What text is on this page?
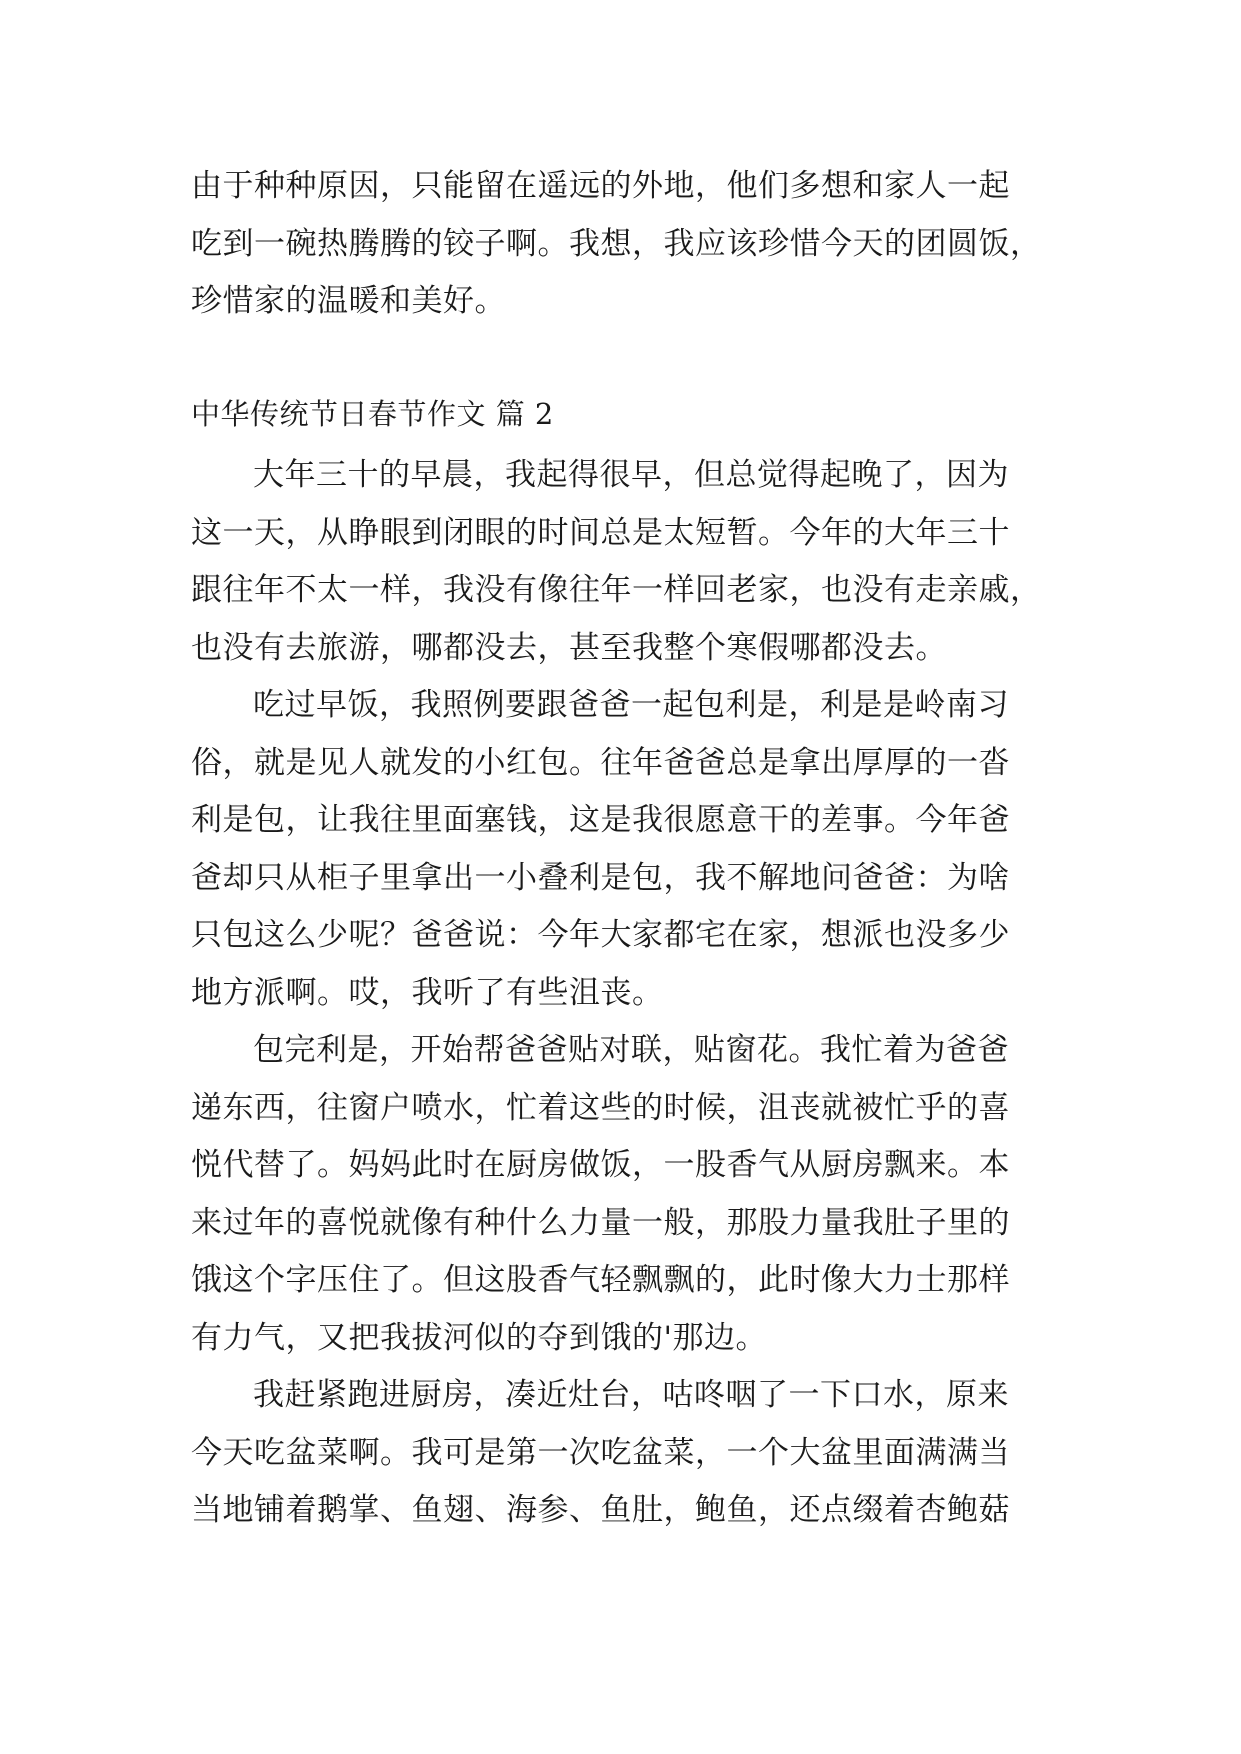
由于种种原因，只能留在遥远的外地，他们多想和家人一起
吃到一碗热腾腾的铰子啊。我想，我应该珍惜今天的团圆饭，
珍惜家的温暖和美好。
中华传统节日春节作文 篇 2
大年三十的早晨，我起得很早，但总觉得起晚了，因为
这一天，从睁眼到闭眼的时间总是太短暂。今年的大年三十
跟往年不太一样，我没有像往年一样回老家，也没有走亲戚，
也没有去旅游，哪都没去，甚至我整个寒假哪都没去。
吃过早饭，我照例要跟爸爸一起包利是，利是是岭南习
俗，就是见人就发的小红包。往年爸爸总是拿出厚厚的一沓
利是包，让我往里面塞钱，这是我很愿意干的差事。今年爸
爸却只从柜子里拿出一小叠利是包，我不解地问爸爸：为啥
只包这么少呢？爸爸说：今年大家都宅在家，想派也没多少
地方派啊。哎，我听了有些沮丧。
包完利是，开始帮爸爸贴对联，贴窗花。我忙着为爸爸
递东西，往窗户喷水，忙着这些的时候，沮丧就被忙乎的喜
悦代替了。妈妈此时在厨房做饭，一股香气从厨房飘来。本
来过年的喜悦就像有种什么力量一般，那股力量我肚子里的
饿这个字压住了。但这股香气轻飘飘的，此时像大力士那样
有力气，又把我拔河似的夺到饿的'那边。
我赶紧跑进厨房，凑近灶台，咕咚咽了一下口水，原来
今天吃盆菜啊。我可是第一次吃盆菜，一个大盆里面满满当
当地铺着鹅掌、鱼翅、海参、鱼肚，鲍鱼，还点缀着杏鲍菇
